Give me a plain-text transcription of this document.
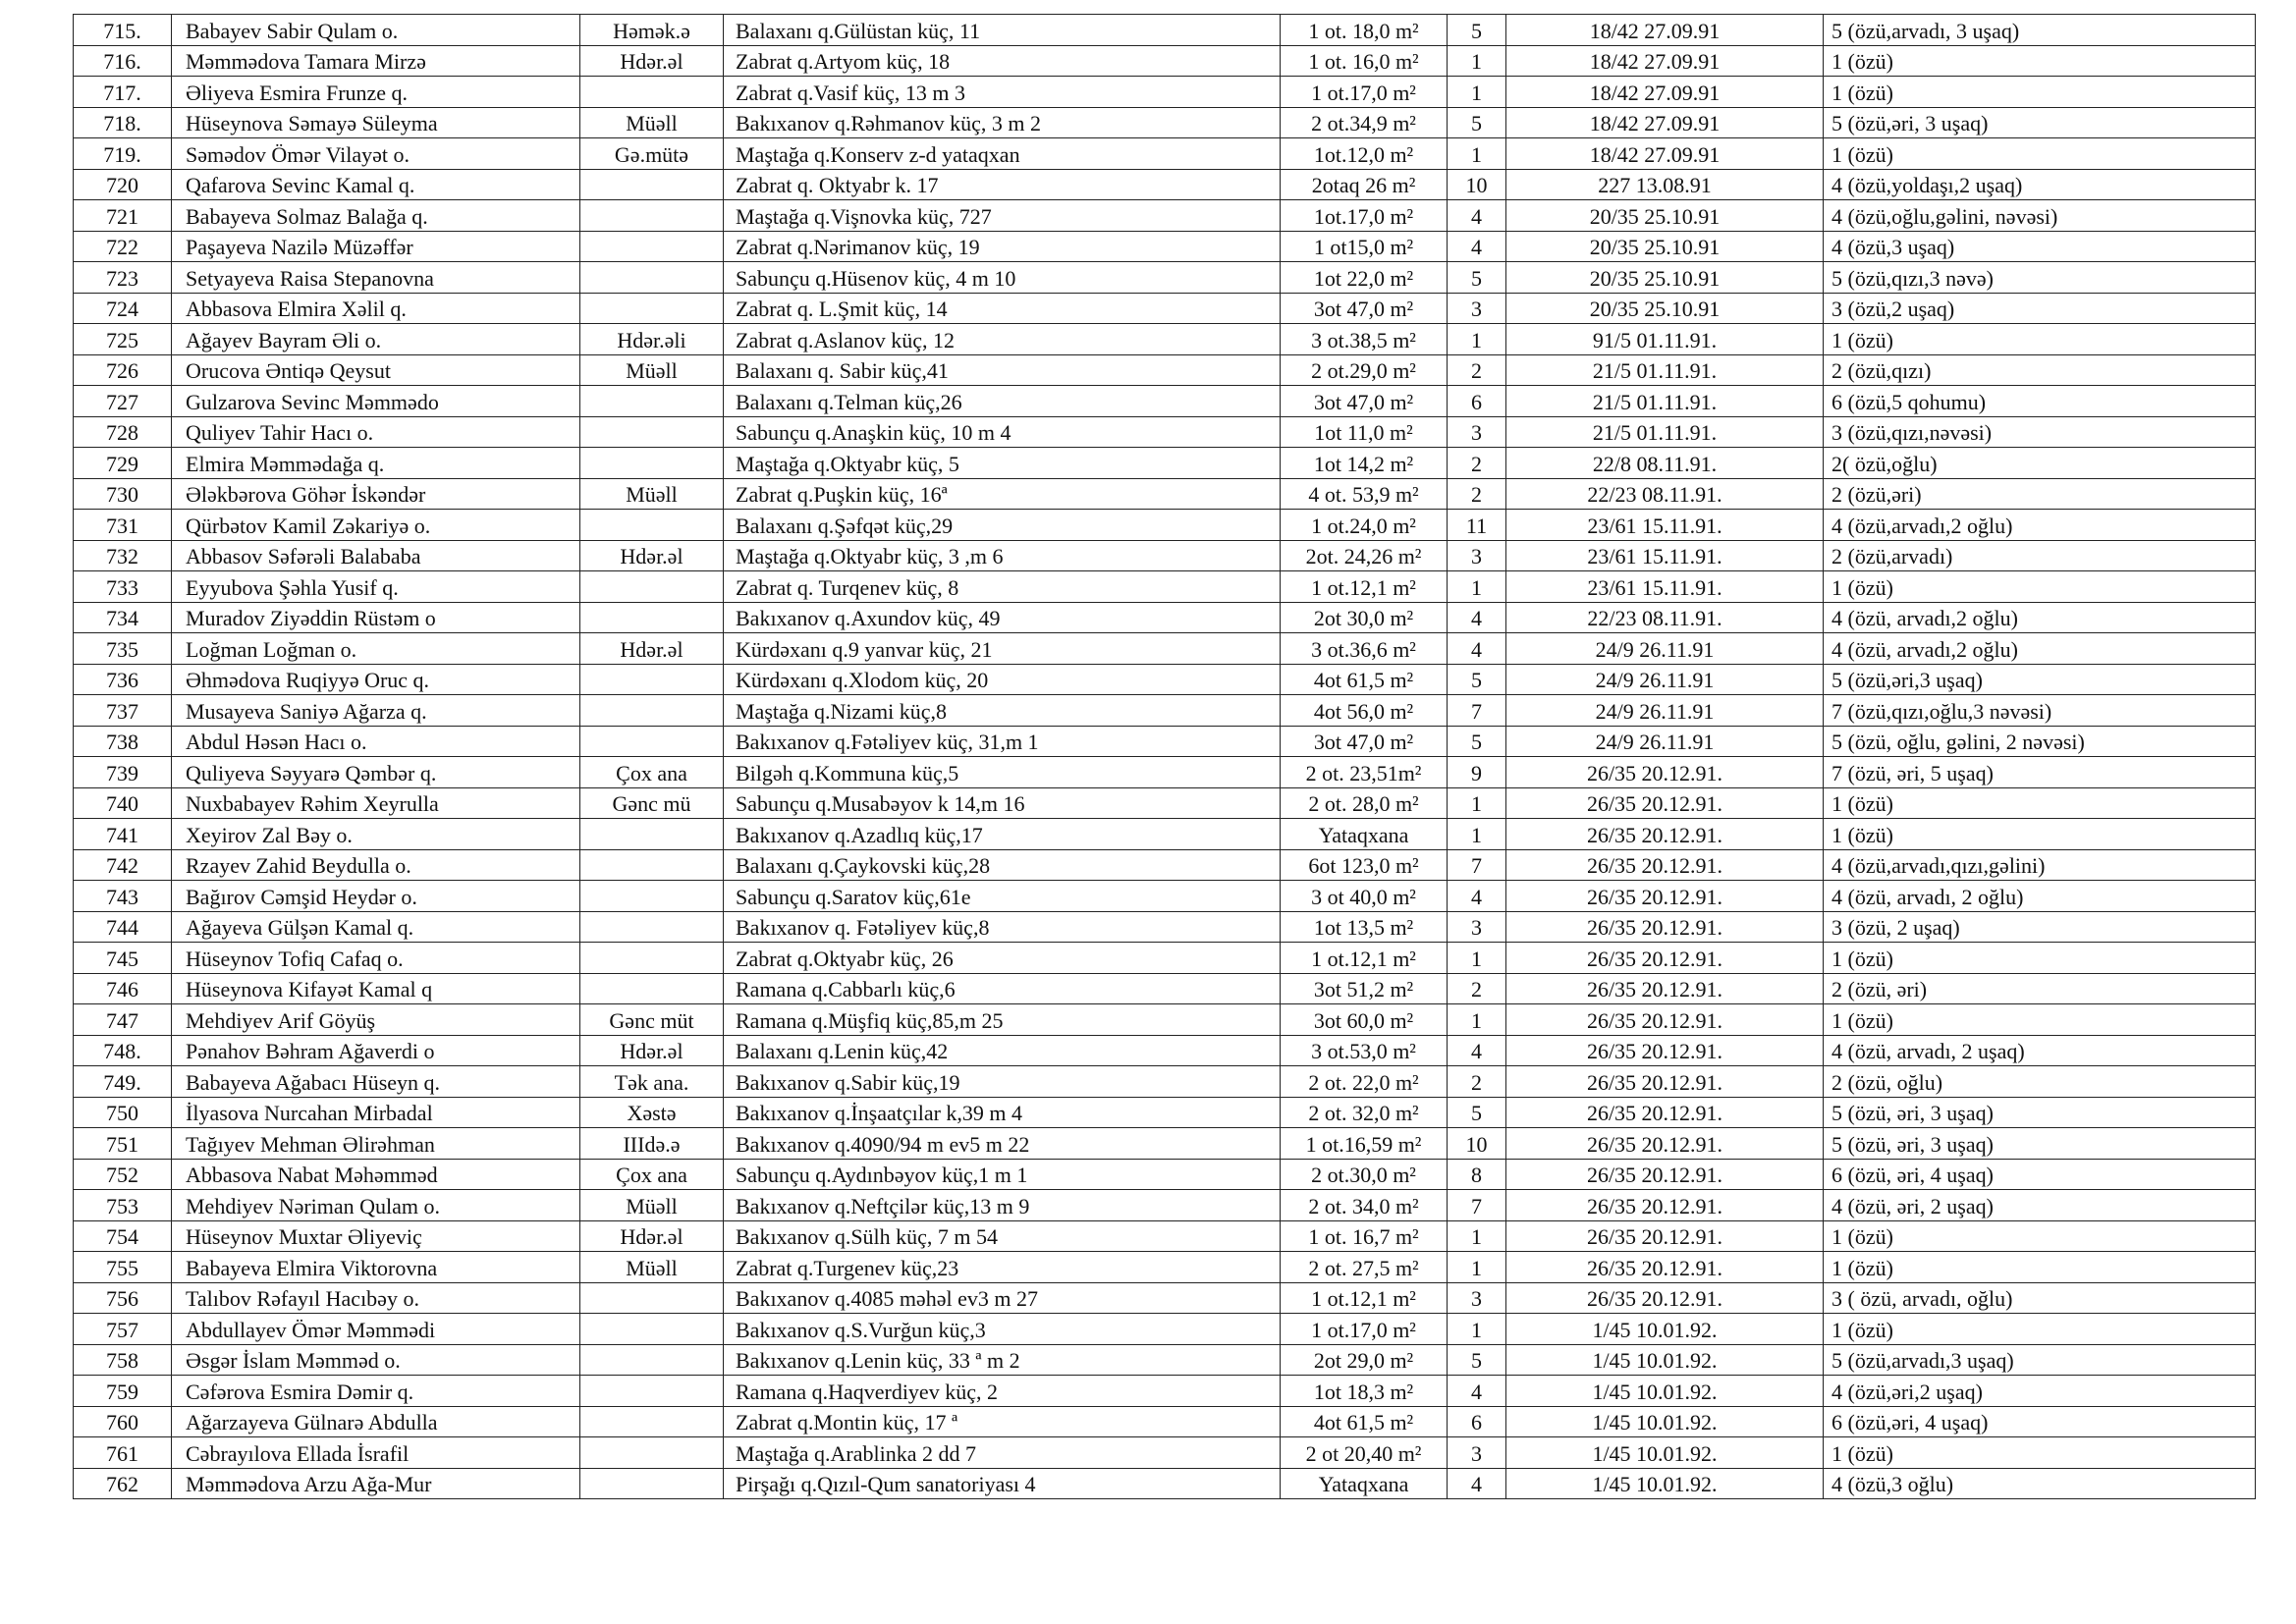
715.	Babayev Sabir Qulam o.	Həmək.ə	Balaxanı q.Gülüstan küç, 11	1 ot. 18,0 m²	5	18/42 27.09.91	5 (özü,arvadı, 3 uşaq)
716.	Məmmədova Tamara Mirzə	Hdər.əl	Zabrat q.Artyom küç, 18	1 ot. 16,0 m²	1	18/42 27.09.91	1 (özü)
717.	Əliyeva Esmira Frunze q.		Zabrat q.Vasif küç, 13 m 3	1 ot.17,0 m²	1	18/42 27.09.91	1 (özü)
718.	Hüseynova Səmayə Süleyma	Müəll	Bakıxanov q.Rəhmanov küç, 3 m 2	2 ot.34,9 m²	5	18/42 27.09.91	5 (özü,əri, 3 uşaq)
719.	Səmədov Ömər Vilayət o.	Gə.mütə	Maştağa q.Konserv z-d yataqxan	1ot.12,0 m²	1	18/42 27.09.91	1 (özü)
720	Qafarova Sevinc Kamal q.		Zabrat q. Oktyabr k. 17	2otaq 26 m²	10	227 13.08.91	4 (özü,yoldaşı,2 uşaq)
721	Babayeva Solmaz Balağa q.		Maştağa q.Vişnovka küç, 727	1ot.17,0 m²	4	20/35 25.10.91	4 (özü,oğlu,gəlini, nəvəsi)
722	Paşayeva Nazilə Müzəffər		Zabrat q.Nərimanov küç, 19	1 ot15,0 m²	4	20/35 25.10.91	4 (özü,3 uşaq)
723	Setyayeva Raisa Stepanovna		Sabunçu q.Hüsenov küç, 4 m 10	1ot 22,0 m²	5	20/35 25.10.91	5 (özü,qızı,3 nəvə)
724	Abbasova Elmira Xəlil q.		Zabrat q. L.Şmit küç, 14	3ot 47,0 m²	3	20/35 25.10.91	3 (özü,2 uşaq)
725	Ağayev Bayram Əli o.	Hdər.əli	Zabrat q.Aslanov küç, 12	3 ot.38,5 m²	1	91/5 01.11.91.	1 (özü)
726	Orucova Əntiqə Qeysut	Müəll	Balaxanı q. Sabir küç,41	2 ot.29,0 m²	2	21/5 01.11.91.	2 (özü,qızı)
727	Gulzarova Sevinc Məmmədo		Balaxanı q.Telman küç,26	3ot 47,0 m²	6	21/5 01.11.91.	6 (özü,5 qohumu)
728	Quliyev Tahir Hacı o.		Sabunçu q.Anaşkin küç, 10 m 4	1ot 11,0 m²	3	21/5 01.11.91.	3 (özü,qızı,nəvəsi)
729	Elmira Məmmədağa q.		Maştağa q.Oktyabr küç, 5	1ot 14,2 m²	2	22/8 08.11.91.	2( özü,oğlu)
730	Ələkbərova Göhər İskəndər	Müəll	Zabrat q.Puşkin küç, 16ª	4 ot. 53,9 m²	2	22/23 08.11.91.	2 (özü,əri)
731	Qürbətov Kamil Zəkariyə o.		Balaxanı q.Şəfqət küç,29	1 ot.24,0 m²	11	23/61 15.11.91.	4 (özü,arvadı,2 oğlu)
732	Abbasov Səfərəli Balababa	Hdər.əl	Maştağa q.Oktyabr küç, 3 ,m 6	2ot. 24,26 m²	3	23/61 15.11.91.	2 (özü,arvadı)
733	Eyyubova Şəhla Yusif q.		Zabrat q. Turqenev küç, 8	1 ot.12,1 m²	1	23/61 15.11.91.	1 (özü)
734	Muradov Ziyəddin Rüstəm o		Bakıxanov q.Axundov küç, 49	2ot 30,0 m²	4	22/23 08.11.91.	4 (özü, arvadı,2 oğlu)
735	Loğman Loğman o.	Hdər.əl	Kürdəxanı q.9 yanvar küç, 21	3 ot.36,6 m²	4	24/9 26.11.91	4 (özü, arvadı,2 oğlu)
736	Əhmədova Ruqiyyə Oruc q.		Kürdəxanı q.Xlodom küç, 20	4ot 61,5 m²	5	24/9 26.11.91	5 (özü,əri,3 uşaq)
737	Musayeva Saniyə Ağarza q.		Maştağa q.Nizami küç,8	4ot 56,0 m²	7	24/9 26.11.91	7 (özü,qızı,oğlu,3 nəvəsi)
738	Abdul Həsən Hacı o.		Bakıxanov q.Fətəliyev küç, 31,m 1	3ot 47,0 m²	5	24/9 26.11.91	5 (özü, oğlu, gəlini, 2 nəvəsi)
739	Quliyeva Səyyarə Qəmbər q.	Çox ana	Bilgəh q.Kommuna küç,5	2 ot. 23,51m²	9	26/35 20.12.91.	7 (özü, əri, 5 uşaq)
740	Nuxbabayev Rəhim Xeyrulla	Gənc mü	Sabunçu q.Musabəyov k 14,m 16	2 ot. 28,0 m²	1	26/35 20.12.91.	1 (özü)
741	Xeyirov Zal Bəy o.		Bakıxanov q.Azadlıq küç,17	Yataqxana	1	26/35 20.12.91.	1 (özü)
742	Rzayev Zahid Beydulla o.		Balaxanı q.Çaykovski küç,28	6ot 123,0 m²	7	26/35 20.12.91.	4 (özü,arvadı,qızı,gəlini)
743	Bağırov Cəmşid Heydər o.		Sabunçu q.Saratov küç,61e	3 ot 40,0 m²	4	26/35 20.12.91.	4 (özü, arvadı, 2 oğlu)
744	Ağayeva Gülşən Kamal q.		Bakıxanov q. Fətəliyev küç,8	1ot 13,5 m²	3	26/35 20.12.91.	3 (özü, 2 uşaq)
745	Hüseynov Tofiq Cafaq o.		Zabrat q.Oktyabr küç, 26	1 ot.12,1 m²	1	26/35 20.12.91.	1 (özü)
746	Hüseynova Kifayət Kamal q		Ramana q.Cabbarlı küç,6	3ot 51,2 m²	2	26/35 20.12.91.	2 (özü, əri)
747	Mehdiyev Arif Göyüş	Gənc müt	Ramana q.Müşfiq küç,85,m 25	3ot 60,0 m²	1	26/35 20.12.91.	1 (özü)
748.	Pənahov Bəhram Ağaverdi o	Hdər.əl	Balaxanı q.Lenin küç,42	3 ot.53,0 m²	4	26/35 20.12.91.	4 (özü, arvadı, 2 uşaq)
749.	Babayeva Ağabacı Hüseyn q.	Tək ana.	Bakıxanov q.Sabir küç,19	2 ot. 22,0 m²	2	26/35 20.12.91.	2 (özü, oğlu)
750	İlyasova Nurcahan Mirbadal	Xəstə	Bakıxanov q.İnşaatçılar k,39 m 4	2 ot. 32,0 m²	5	26/35 20.12.91.	5 (özü, əri, 3 uşaq)
751	Tağıyev Mehman Əlirəhman	IIIdə.ə	Bakıxanov q.4090/94 m ev5 m 22	1 ot.16,59 m²	10	26/35 20.12.91.	5 (özü, əri, 3 uşaq)
752	Abbasova Nabat Məhəmməd	Çox ana	Sabunçu q.Aydınbəyov küç,1 m 1	2 ot.30,0 m²	8	26/35 20.12.91.	6 (özü, əri, 4 uşaq)
753	Mehdiyev Nəriman Qulam o.	Müəll	Bakıxanov q.Neftçilər küç,13 m 9	2 ot. 34,0 m²	7	26/35 20.12.91.	4 (özü, əri, 2 uşaq)
754	Hüseynov Muxtar Əliyeviç	Hdər.əl	Bakıxanov q.Sülh küç, 7 m 54	1 ot. 16,7 m²	1	26/35 20.12.91.	1 (özü)
755	Babayeva Elmira Viktorovna	Müəll	Zabrat q.Turgenev küç,23	2 ot. 27,5 m²	1	26/35 20.12.91.	1 (özü)
756	Talıbov Rəfayıl Hacıbəy o.		Bakıxanov q.4085 məhəl ev3 m 27	1 ot.12,1 m²	3	26/35 20.12.91.	3 ( özü, arvadı, oğlu)
757	Abdullayev Ömər Məmmədi		Bakıxanov q.S.Vurğun küç,3	1 ot.17,0 m²	1	1/45 10.01.92.	1 (özü)
758	Əsgər İslam Məmməd o.		Bakıxanov q.Lenin küç, 33 ª m 2	2ot 29,0 m²	5	1/45 10.01.92.	5 (özü,arvadı,3 uşaq)
759	Cəfərova Esmira Dəmir q.		Ramana q.Haqverdiyev küç, 2	1ot 18,3 m²	4	1/45 10.01.92.	4 (özü,əri,2 uşaq)
760	Ağarzayeva Gülnarə Abdulla		Zabrat q.Montin küç, 17 ª	4ot 61,5 m²	6	1/45 10.01.92.	6 (özü,əri, 4 uşaq)
761	Cəbrayılova Ellada İsrafil		Maştağa q.Arablinka 2 dd 7	2 ot 20,40 m²	3	1/45 10.01.92.	1 (özü)
762	Məmmədova Arzu Ağa-Mur		Pirşağı q.Qızıl-Qum sanatoriyası 4	Yataqxana	4	1/45 10.01.92.	4 (özü,3 oğlu)
